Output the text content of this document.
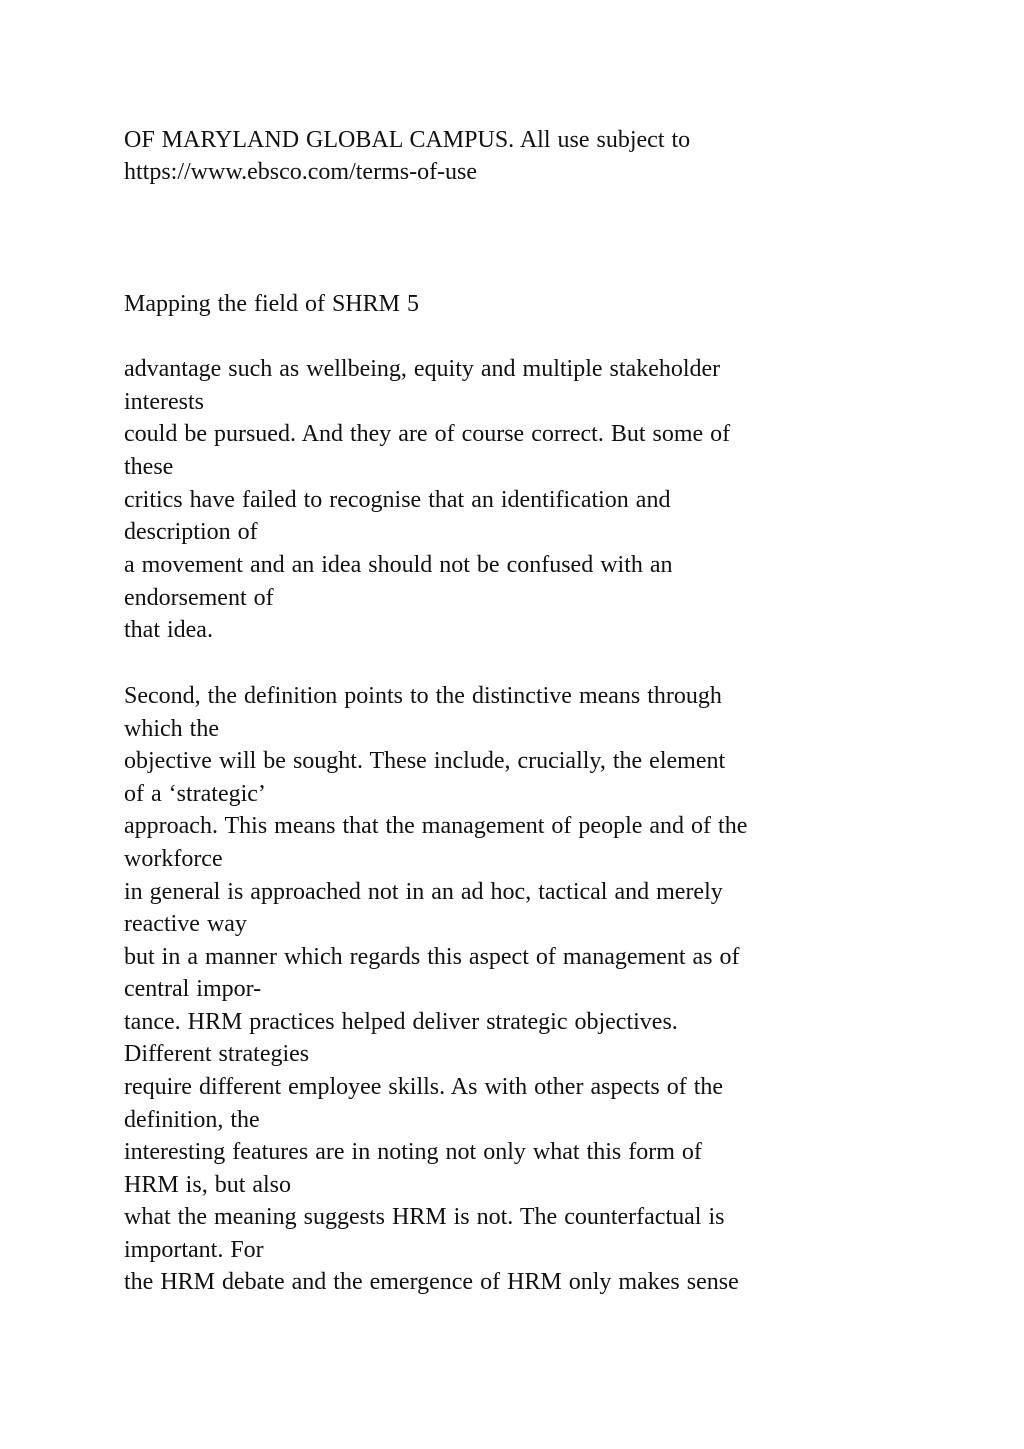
OF MARYLAND GLOBAL CAMPUS. All use subject to

https://www.ebsco.com/terms-of-use

Mapping the field of SHRM 5

advantage such as wellbeing, equity and multiple stakeholder

interests

could be pursued. And they are of course correct. But some of

these

critics have failed to recognise that an identification and

description of

a movement and an idea should not be confused with an

endorsement of

that idea.

Second, the definition points to the distinctive means through

which the

objective will be sought. These include, crucially, the element

of a ‘strategic’

approach. This means that the management of people and of the

workforce

in general is approached not in an ad hoc, tactical and merely

reactive way

but in a manner which regards this aspect of management as of

central impor-

tance. HRM practices helped deliver strategic objectives.

Different strategies

require different employee skills. As with other aspects of the

definition, the

interesting features are in noting not only what this form of

HRM is, but also

what the meaning suggests HRM is not. The counterfactual is

important. For

the HRM debate and the emergence of HRM only makes sense
